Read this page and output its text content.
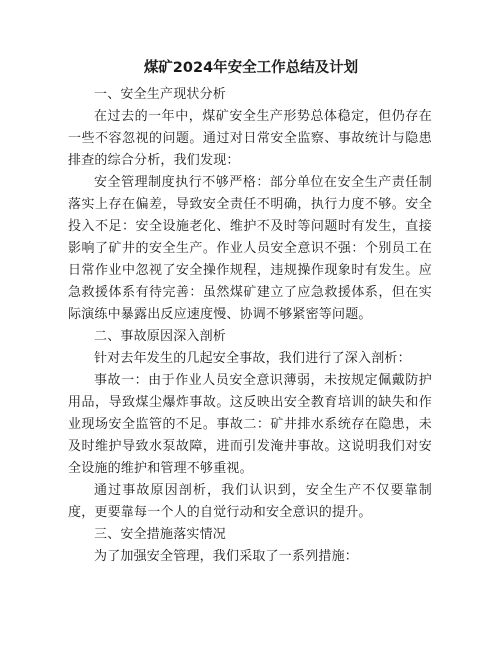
煤矿2024年安全工作总结及计划

一、安全生产现状分析

在过去的一年中，煤矿安全生产形势总体稳定，但仍存在一些不容忽视的问题。通过对日常安全监察、事故统计与隐患排查的综合分析，我们发现：

安全管理制度执行不够严格：部分单位在安全生产责任制落实上存在偏差，导致安全责任不明确，执行力度不够。安全投入不足：安全设施老化、维护不及时等问题时有发生，直接影响了矿井的安全生产。作业人员安全意识不强：个别员工在日常作业中忽视了安全操作规程，违规操作现象时有发生。应急救援体系有待完善：虽然煤矿建立了应急救援体系，但在实际演练中暴露出反应速度慢、协调不够紧密等问题。

二、事故原因深入剖析

针对去年发生的几起安全事故，我们进行了深入剖析：

事故一：由于作业人员安全意识薄弱，未按规定佩戴防护用品，导致煤尘爆炸事故。这反映出安全教育培训的缺失和作业现场安全监管的不足。事故二：矿井排水系统存在隐患，未及时维护导致水泵故障，进而引发淹井事故。这说明我们对安全设施的维护和管理不够重视。

通过事故原因剖析，我们认识到，安全生产不仅要靠制度，更要靠每一个人的自觉行动和安全意识的提升。

三、安全措施落实情况

为了加强安全管理，我们采取了一系列措施：
